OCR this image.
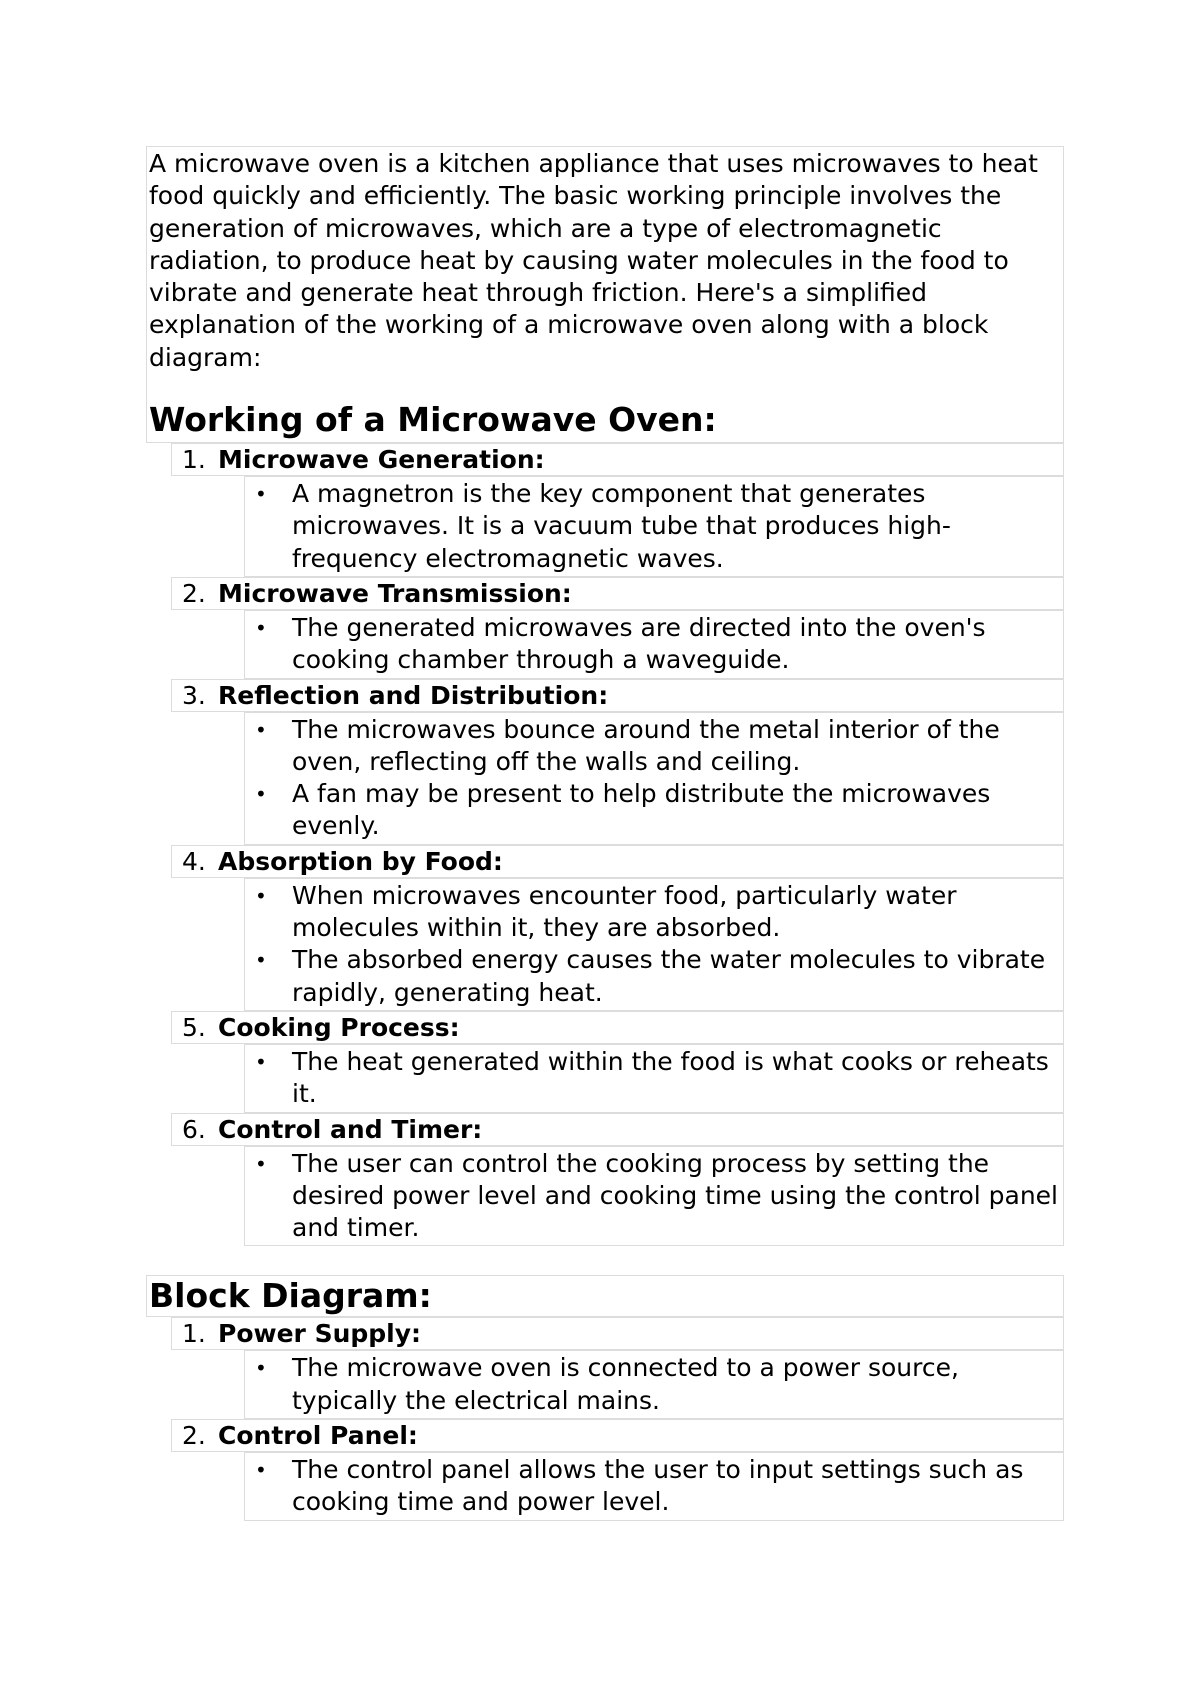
A microwave oven is a kitchen appliance that uses microwaves to heat food quickly and efficiently. The basic working principle involves the generation of microwaves, which are a type of electromagnetic radiation, to produce heat by causing water molecules in the food to vibrate and generate heat through friction. Here's a simplified explanation of the working of a microwave oven along with a block diagram:

Working of a Microwave Oven:
1. Microwave Generation:
• A magnetron is the key component that generates microwaves. It is a vacuum tube that produces high-frequency electromagnetic waves.
2. Microwave Transmission:
• The generated microwaves are directed into the oven's cooking chamber through a waveguide.
3. Reflection and Distribution:
• The microwaves bounce around the metal interior of the oven, reflecting off the walls and ceiling.
• A fan may be present to help distribute the microwaves evenly.
4. Absorption by Food:
• When microwaves encounter food, particularly water molecules within it, they are absorbed.
• The absorbed energy causes the water molecules to vibrate rapidly, generating heat.
5. Cooking Process:
• The heat generated within the food is what cooks or reheats it.
6. Control and Timer:
• The user can control the cooking process by setting the desired power level and cooking time using the control panel and timer.
Block Diagram:
1. Power Supply:
• The microwave oven is connected to a power source, typically the electrical mains.
2. Control Panel:
• The control panel allows the user to input settings such as cooking time and power level.
